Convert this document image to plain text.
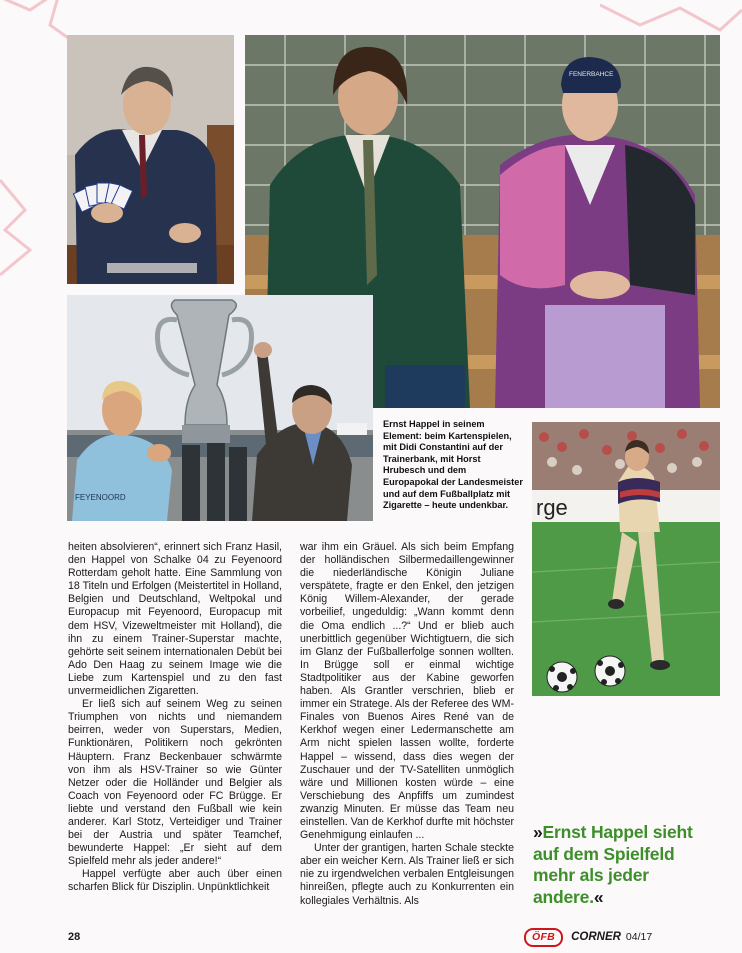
FENERBAHCE
FEYENOORD	rge
Ernst Happel in seinem Element: beim Kartenspielen, mit Didi Constantini auf der Trainerbank, mit Horst Hrubesch und dem Europapokal der Landesmeister und auf dem Fußballplatz mit Zigarette – heute undenkbar.

heiten absolvieren“, erinnert sich Franz Hasil, den Happel von Schalke 04 zu Feyenoord Rotterdam geholt hatte. Eine Sammlung von 18 Titeln und Erfolgen (Meistertitel in Holland, Belgien und Deutschland, Weltpokal und Europacup mit Feyenoord, Europacup mit dem HSV, Vizeweltmeister mit Holland), die ihn zu einem Trainer-Superstar machte, gehörte seit seinem internationalen Debüt bei Ado Den Haag zu seinem Image wie die Liebe zum Kartenspiel und zu den fast unvermeidlichen Zigaretten.

Er ließ sich auf seinem Weg zu seinen Triumphen von nichts und niemandem beirren, weder von Superstars, Medien, Funktionären, Politikern noch gekrönten Häuptern. Franz Beckenbauer schwärmte von ihm als HSV-Trainer so wie Günter Netzer oder die Holländer und Belgier als Coach von Feyenoord oder FC Brügge. Er liebte und verstand den Fußball wie kein anderer. Karl Stotz, Verteidiger und Trainer bei der Austria und später Teamchef, bewunderte Happel: „Er sieht auf dem Spielfeld mehr als jeder andere!“

Happel verfügte aber auch über einen scharfen Blick für Disziplin. Unpünktlichkeit

war ihm ein Gräuel. Als sich beim Empfang der holländischen Silbermedaillengewinner die niederländische Königin Juliane verspätete, fragte er den Enkel, den jetzigen König Willem-Alexander, der gerade vorbeilief, ungeduldig: „Wann kommt denn die Oma endlich ...?“ Und er blieb auch unerbittlich gegenüber Wichtigtuern, die sich im Glanz der Fußballerfolge sonnen wollten. In Brügge soll er einmal wichtige Stadtpolitiker aus der Kabine geworfen haben. Als Grantler verschrien, blieb er immer ein Stratege. Als der Referee des WM-Finales von Buenos Aires René van de Kerkhof wegen einer Ledermanschette am Arm nicht spielen lassen wollte, forderte Happel – wissend, dass dies wegen der Zuschauer und der TV-Satelliten unmöglich wäre und Millionen kosten würde – eine Verschiebung des Anpfiffs um zumindest zwanzig Minuten. Er müsse das Team neu einstellen. Van de Kerkhof durfte mit höchster Genehmigung einlaufen ...

Unter der grantigen, harten Schale steckte aber ein weicher Kern. Als Trainer ließ er sich nie zu irgendwelchen verbalen Entgleisungen hinreißen, pflegte auch zu Konkurrenten ein kollegiales Verhältnis. Als

»Ernst Happel sieht auf dem Spielfeld mehr als jeder andere.«
28	ÖFB	CORNER 04/17
